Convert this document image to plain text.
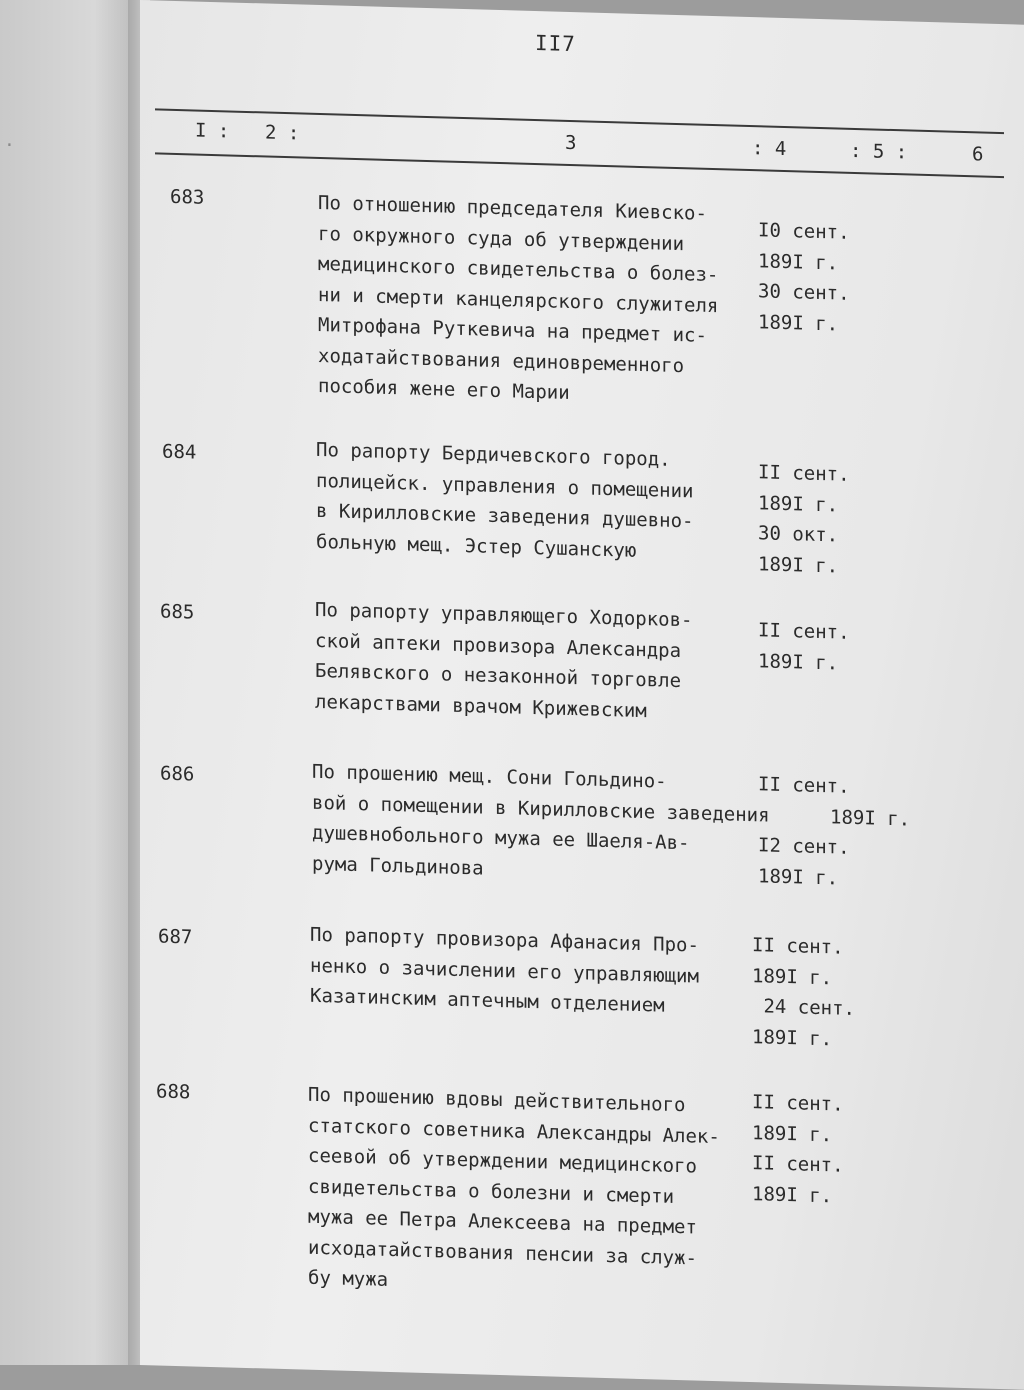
.
II7
I : 2 :	3	: 4	: 5 :	6
683	По отношению председателя Киевско-
го окружного суда об утверждении
медицинского свидетельства о болез-
ни и смерти канцелярского служителя
Митрофана Руткевича на предмет ис-
ходатайствования единовременного
пособия жене его Марии
I0 сент.
189I г.
30 сент.
189I г.
684	По рапорту Бердичевского город.
полицейск. управления о помещении
в Кирилловские заведения душевно-
больную мещ. Эстер Сушанскую
II сент.
189I г.
30 окт.
189I г.
685	По рапорту управляющего Ходорков-
ской аптеки провизора Александра
Белявского о незаконной торговле
лекарствами врачом Крижевским
II сент.
189I г.
686	По прошению мещ. Сони Гольдино-
вой о помещении в Кирилловские заведения
душевнобольного мужа ее Шаеля-Ав-
рума Гольдинова
II сент.
189I г.
I2 сент.
189I г.
687	По рапорту провизора Афанасия Про-
ненко о зачислении его управляющим
Казатинским аптечным отделением
II сент.
189I г.
24 сент.
189I г.
688	По прошению вдовы действительного
статского советника Александры Алек-
сеевой об утверждении медицинского
свидетельства о болезни и смерти
мужа ее Петра Алексеева на предмет
исходатайствования пенсии за служ-
бу мужа
II сент.
189I г.
II сент.
189I г.
